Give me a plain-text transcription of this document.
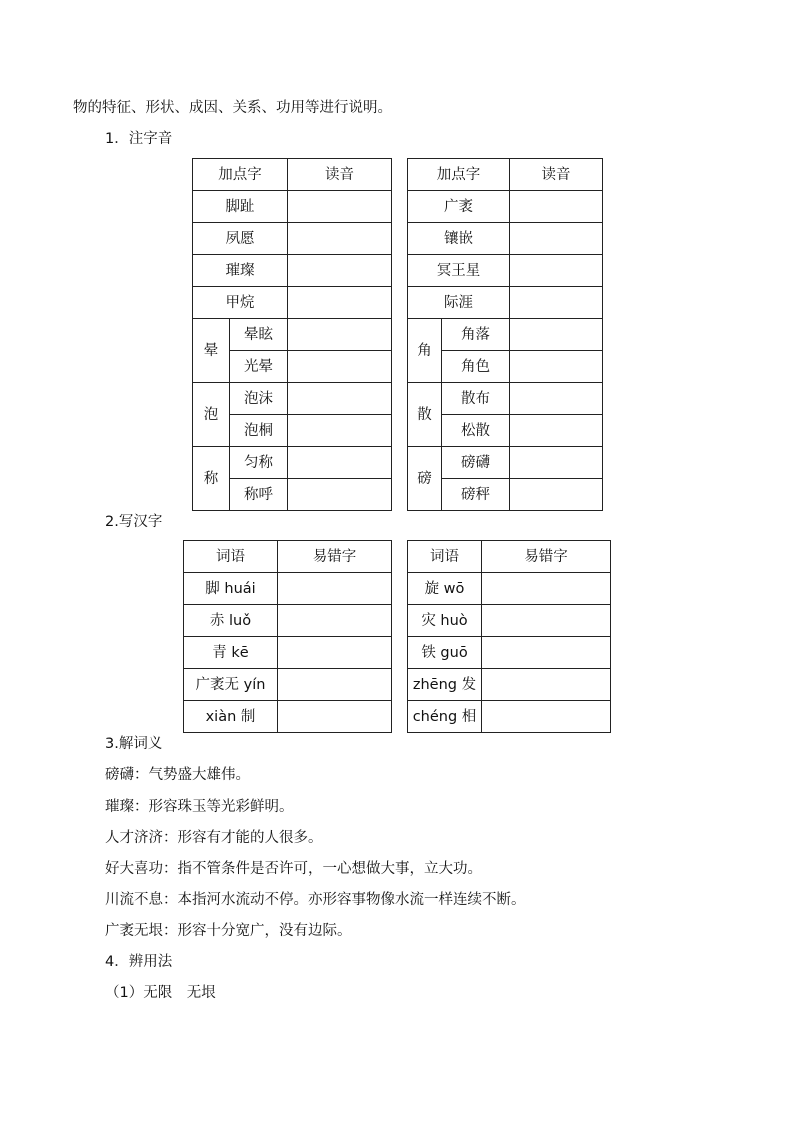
物的特征、形状、成因、关系、功用等进行说明。
1．注字音
加点字		读音		加点字		读音
脚趾				广袤		
夙愿				镶嵌		
璀璨				冥王星		
甲烷				际涯		
晕	晕眩			角	角落	
	光晕				角色	
泡	泡沫			散	散布	
	泡桐				松散	
称	匀称			磅	磅礴	
	称呼				磅秤	
2.写汉字
词语	易错字		词语	易错字
脚 huái			旋 wō	
赤 luǒ			灾 huò	
青 kē			铁 guō	
广袤无 yín			zhēng 发	
xiàn 制			chéng 相	
3.解词义
磅礴：气势盛大雄伟。
璀璨：形容珠玉等光彩鲜明。
人才济济：形容有才能的人很多。
好大喜功：指不管条件是否许可，一心想做大事，立大功。
川流不息：本指河水流动不停。亦形容事物像水流一样连续不断。
广袤无垠：形容十分宽广，没有边际。
4．辨用法
（1）无限　无垠
